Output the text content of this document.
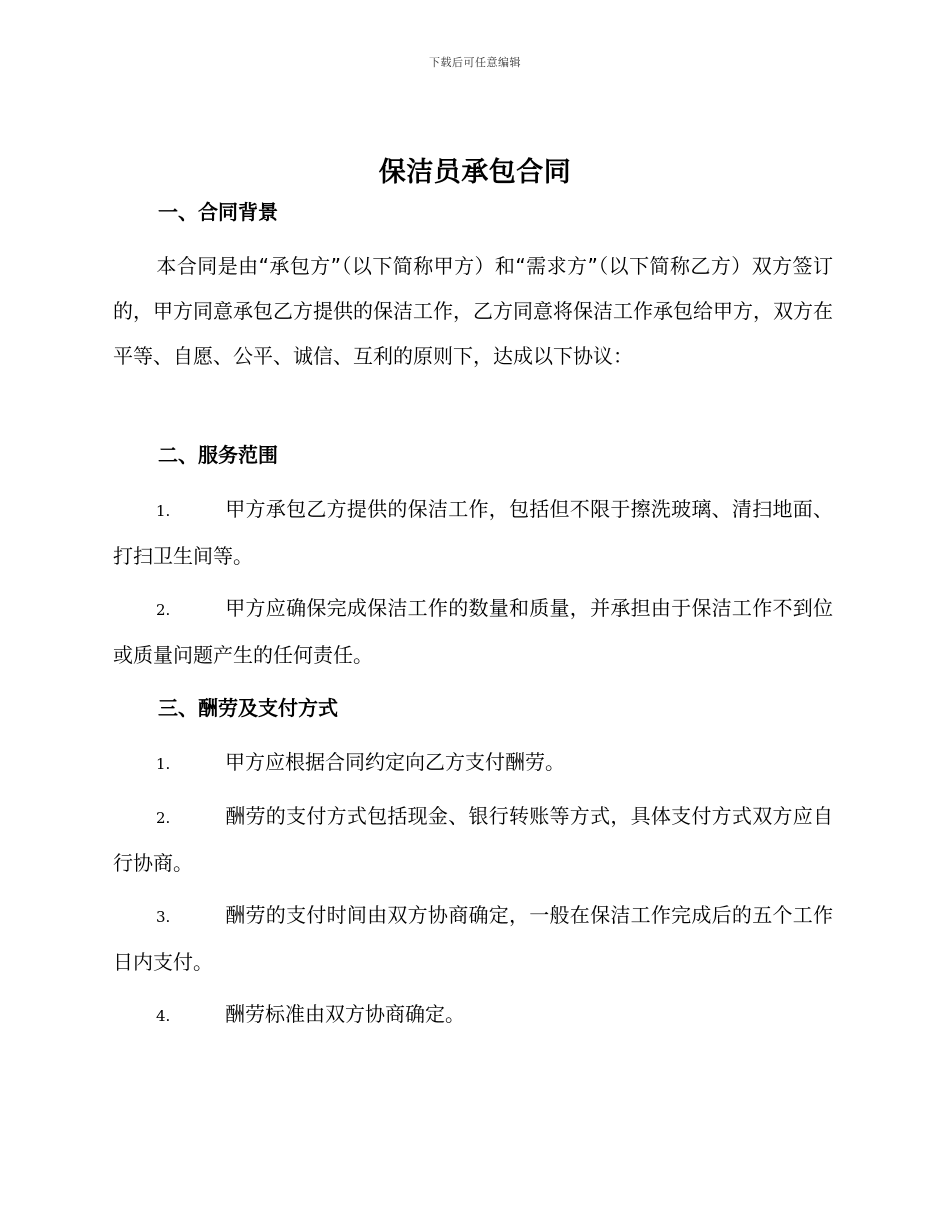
下载后可任意编辑
保洁员承包合同
一、合同背景
本合同是由“承包方”（以下简称甲方）和“需求方”（以下简称乙方）双方签订的，甲方同意承包乙方提供的保洁工作，乙方同意将保洁工作承包给甲方，双方在平等、自愿、公平、诚信、互利的原则下，达成以下协议：
二、服务范围
1.	甲方承包乙方提供的保洁工作，包括但不限于擦洗玻璃、清扫地面、打扫卫生间等。
2.	甲方应确保完成保洁工作的数量和质量，并承担由于保洁工作不到位或质量问题产生的任何责任。
三、酬劳及支付方式
1.	甲方应根据合同约定向乙方支付酬劳。
2.	酬劳的支付方式包括现金、银行转账等方式，具体支付方式双方应自行协商。
3.	酬劳的支付时间由双方协商确定，一般在保洁工作完成后的五个工作日内支付。
4.	酬劳标准由双方协商确定。
